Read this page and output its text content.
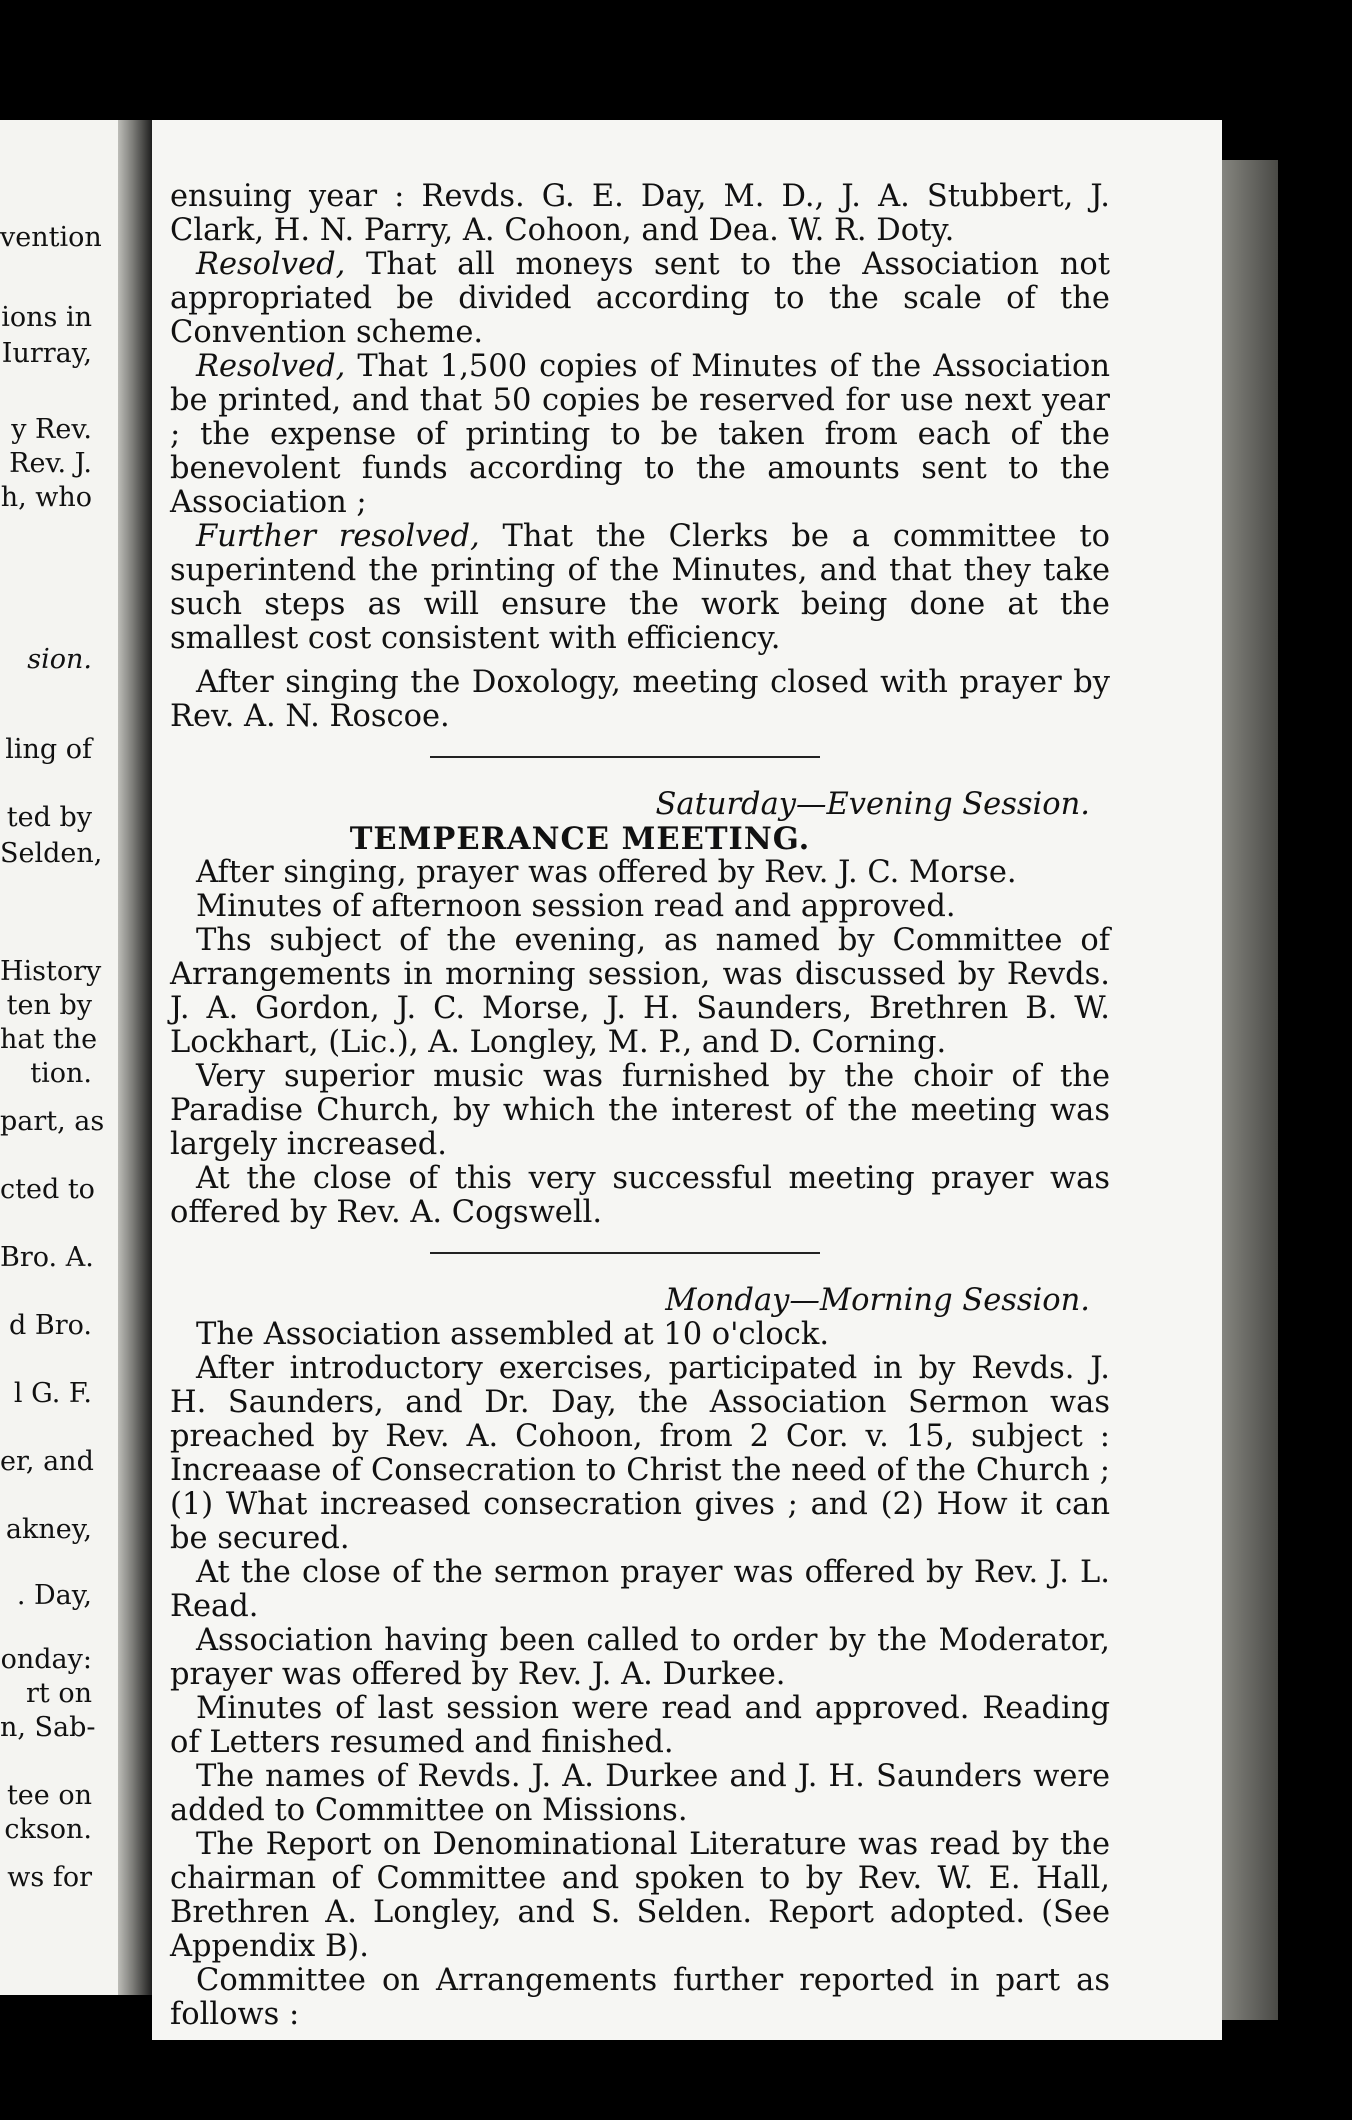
vention
ions in
Iurray,
y Rev.
Rev. J.
h, who
sion.
ling of
ted by
Selden,
History
ten by
hat the
tion.
part, as
cted to
Bro. A.
d Bro.
l G. F.
er, and
akney,
. Day,
onday:
rt on
n, Sab-
tee on
ckson.
ws for

ensuing year : Revds. G. E. Day, M. D., J. A. Stubbert, J. Clark, H. N. Parry, A. Cohoon, and Dea. W. R. Doty.

Resolved, That all moneys sent to the Association not appropriated be divided according to the scale of the Convention scheme.

Resolved, That 1,500 copies of Minutes of the Association be printed, and that 50 copies be reserved for use next year ; the expense of printing to be taken from each of the benevolent funds according to the amounts sent to the Association ;

Further resolved, That the Clerks be a committee to superintend the printing of the Minutes, and that they take such steps as will ensure the work being done at the smallest cost consistent with efficiency.

After singing the Doxology, meeting closed with prayer by Rev. A. N. Roscoe.

Saturday—Evening Session.

TEMPERANCE MEETING.

After singing, prayer was offered by Rev. J. C. Morse.

Minutes of afternoon session read and approved.

Ths subject of the evening, as named by Committee of Arrangements in morning session, was discussed by Revds. J. A. Gordon, J. C. Morse, J. H. Saunders, Brethren B. W. Lockhart, (Lic.), A. Longley, M. P., and D. Corning.

Very superior music was furnished by the choir of the Paradise Church, by which the interest of the meeting was largely increased.

At the close of this very successful meeting prayer was offered by Rev. A. Cogswell.

Monday—Morning Session.

The Association assembled at 10 o'clock.

After introductory exercises, participated in by Revds. J. H. Saunders, and Dr. Day, the Association Sermon was preached by Rev. A. Cohoon, from 2 Cor. v. 15, subject : Increaase of Consecration to Christ the need of the Church ; (1) What increased consecration gives ; and (2) How it can be secured.

At the close of the sermon prayer was offered by Rev. J. L. Read.

Association having been called to order by the Moderator, prayer was offered by Rev. J. A. Durkee.

Minutes of last session were read and approved. Reading of Letters resumed and finished.

The names of Revds. J. A. Durkee and J. H. Saunders were added to Committee on Missions.

The Report on Denominational Literature was read by the chairman of Committee and spoken to by Rev. W. E. Hall, Brethren A. Longley, and S. Selden. Report adopted. (See Appendix B).

Committee on Arrangements further reported in part as follows :
